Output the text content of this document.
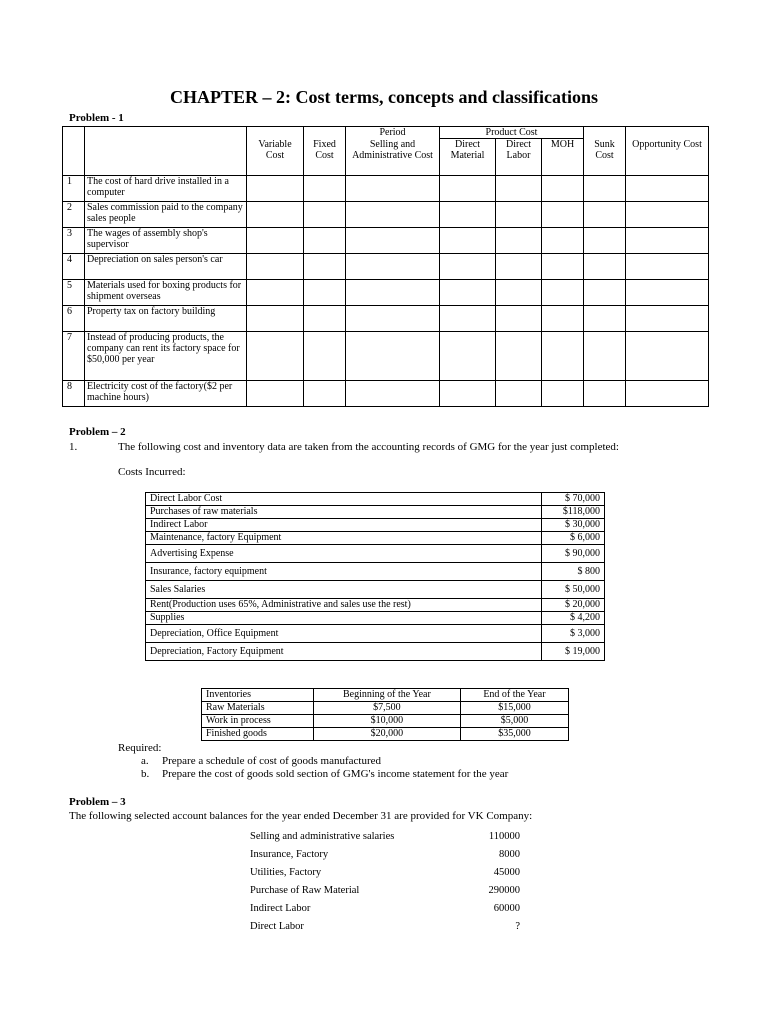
CHAPTER – 2: Cost terms, concepts and classifications
Problem - 1
				Period	Product Cost				
		Variable Cost	Fixed Cost	Selling and Administrative Cost	Direct Material	Direct Labor	MOH	Sunk Cost	Opportunity Cost
1	The cost of hard drive installed in a computer								
2	Sales commission paid to the company sales people								
3	The wages of assembly shop's supervisor								
4	Depreciation on sales person's car								
5	Materials used for boxing products for shipment overseas								
6	Property tax on factory building								
7	Instead of producing products, the company can rent its factory space for $50,000 per year								
8	Electricity cost of the factory($2 per machine hours)								
Problem – 2
1.	The following cost and inventory data are taken from the accounting records of GMG for the year just completed:
Costs Incurred:
Direct Labor Cost	$ 70,000
Purchases of raw materials	$118,000
Indirect Labor	$ 30,000
Maintenance, factory Equipment	$ 6,000
Advertising Expense	$ 90,000
Insurance, factory equipment	$ 800
Sales Salaries	$ 50,000
Rent(Production uses 65%, Administrative and sales use the rest)	$ 20,000
Supplies	$ 4,200
Depreciation, Office Equipment	$ 3,000
Depreciation, Factory Equipment	$ 19,000
Inventories	Beginning of the Year	End of the Year
Raw Materials	$7,500	$15,000
Work in process	$10,000	$5,000
Finished goods	$20,000	$35,000
Required:
a. Prepare a schedule of cost of goods manufactured
b. Prepare the cost of goods sold section of GMG's income statement for the year
Problem – 3
The following selected account balances for the year ended December 31 are provided for VK Company:
Selling and administrative salaries	110000
Insurance, Factory	8000
Utilities, Factory	45000
Purchase of Raw Material	290000
Indirect Labor	60000
Direct Labor	?
